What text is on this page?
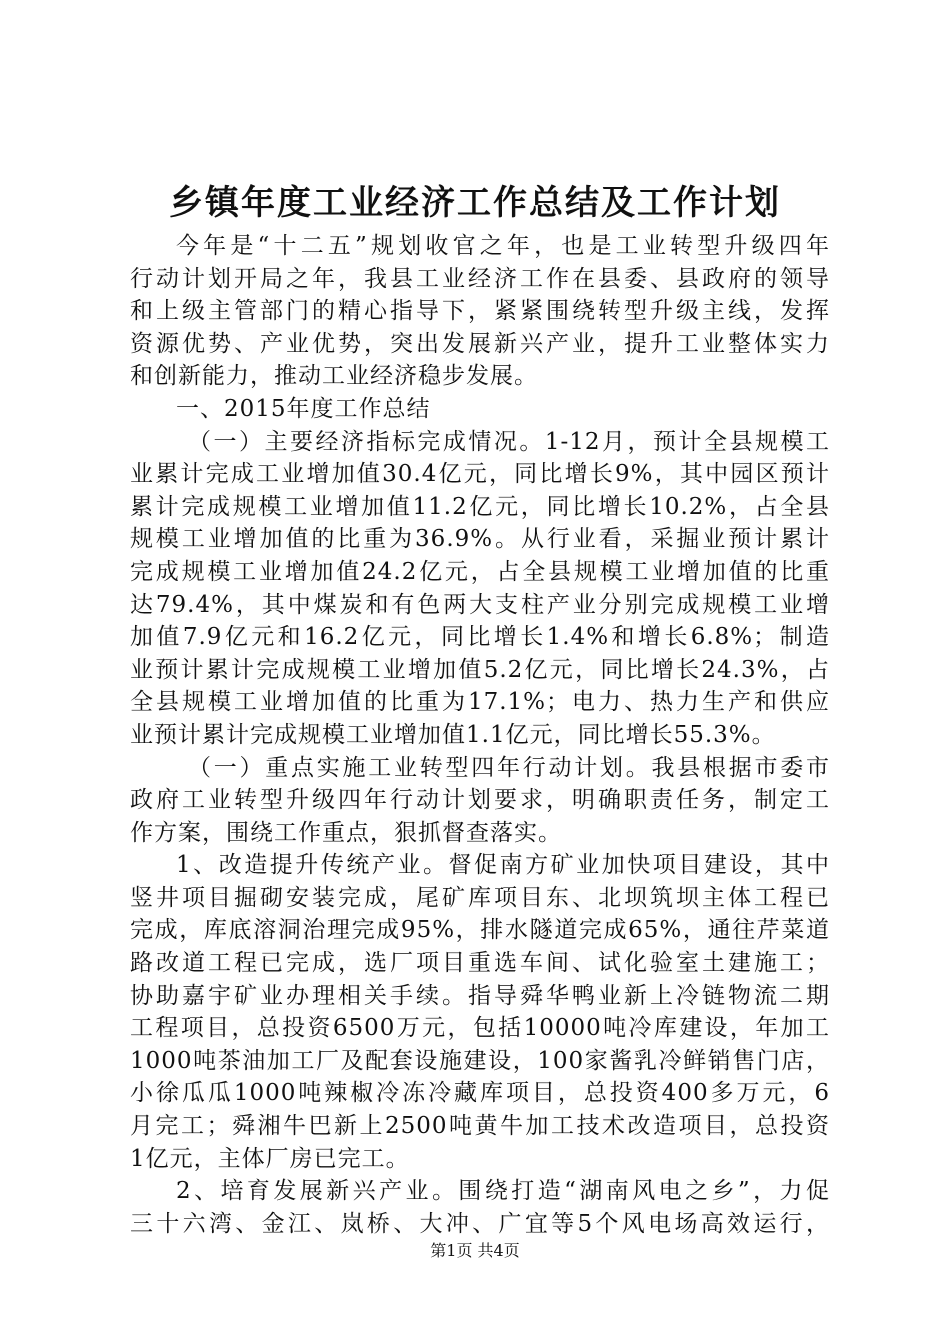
乡镇年度工业经济工作总结及工作计划
今年是“十二五”规划收官之年，也是工业转型升级四年
行动计划开局之年，我县工业经济工作在县委、县政府的领导
和上级主管部门的精心指导下，紧紧围绕转型升级主线，发挥
资源优势、产业优势，突出发展新兴产业，提升工业整体实力
和创新能力，推动工业经济稳步发展。
一、2015年度工作总结
（一）主要经济指标完成情况。1-12月，预计全县规模工
业累计完成工业增加值30.4亿元，同比增长9%，其中园区预计
累计完成规模工业增加值11.2亿元，同比增长10.2%，占全县
规模工业增加值的比重为36.9%。从行业看，采掘业预计累计
完成规模工业增加值24.2亿元，占全县规模工业增加值的比重
达79.4%，其中煤炭和有色两大支柱产业分别完成规模工业增
加值7.9亿元和16.2亿元，同比增长1.4%和增长6.8%；制造
业预计累计完成规模工业增加值5.2亿元，同比增长24.3%，占
全县规模工业增加值的比重为17.1%；电力、热力生产和供应
业预计累计完成规模工业增加值1.1亿元，同比增长55.3%。
（一）重点实施工业转型四年行动计划。我县根据市委市
政府工业转型升级四年行动计划要求，明确职责任务，制定工
作方案，围绕工作重点，狠抓督查落实。
1、改造提升传统产业。督促南方矿业加快项目建设，其中
竖井项目掘砌安装完成，尾矿库项目东、北坝筑坝主体工程已
完成，库底溶洞治理完成95%，排水隧道完成65%，通往芹菜道
路改道工程已完成，选厂项目重选车间、试化验室土建施工；
协助嘉宇矿业办理相关手续。指导舜华鸭业新上冷链物流二期
工程项目，总投资6500万元，包括10000吨冷库建设，年加工
1000吨茶油加工厂及配套设施建设，100家酱乳冷鲜销售门店，
小徐瓜瓜1000吨辣椒冷冻冷藏库项目，总投资400多万元，6
月完工；舜湘牛巴新上2500吨黄牛加工技术改造项目，总投资
1亿元，主体厂房已完工。
2、培育发展新兴产业。围绕打造“湖南风电之乡”，力促
三十六湾、金江、岚桥、大冲、广宜等5个风电场高效运行，
第1页 共4页
